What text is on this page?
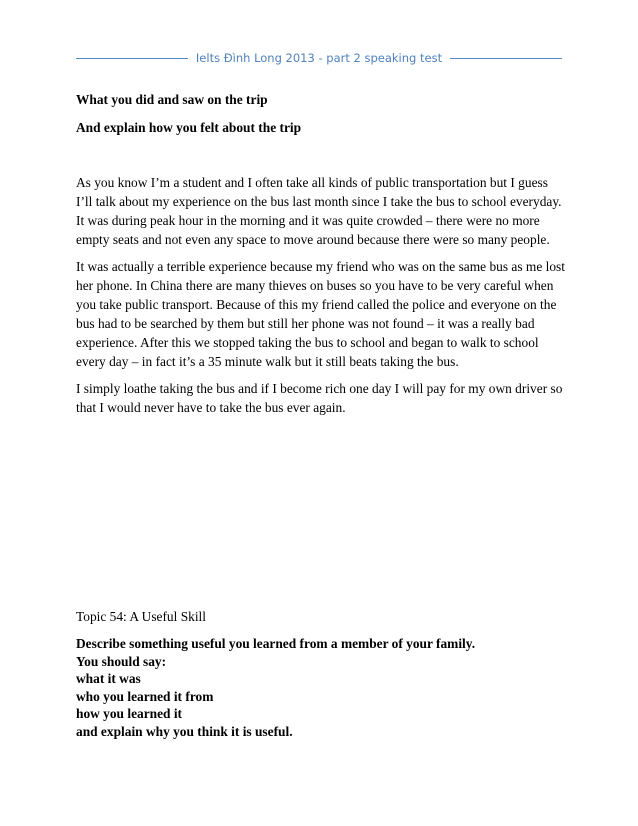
Ielts Đình Long 2013 - part 2 speaking test
What you did and saw on the trip
And explain how you felt about the trip

As you know I’m a student and I often take all kinds of public transportation but I guess I’ll talk about my experience on the bus last month since I take the bus to school everyday. It was during peak hour in the morning and it was quite crowded – there were no more empty seats and not even any space to move around because there were so many people.

It was actually a terrible experience because my friend who was on the same bus as me lost her phone. In China there are many thieves on buses so you have to be very careful when you take public transport. Because of this my friend called the police and everyone on the bus had to be searched by them but still her phone was not found – it was a really bad experience. After this we stopped taking the bus to school and began to walk to school every day – in fact it’s a 35 minute walk but it still beats taking the bus.

I simply loathe taking the bus and if I become rich one day I will pay for my own driver so that I would never have to take the bus ever again.

Topic 54: A Useful Skill
Describe something useful you learned from a member of your family.
You should say:
what it was
who you learned it from
how you learned it
and explain why you think it is useful.
